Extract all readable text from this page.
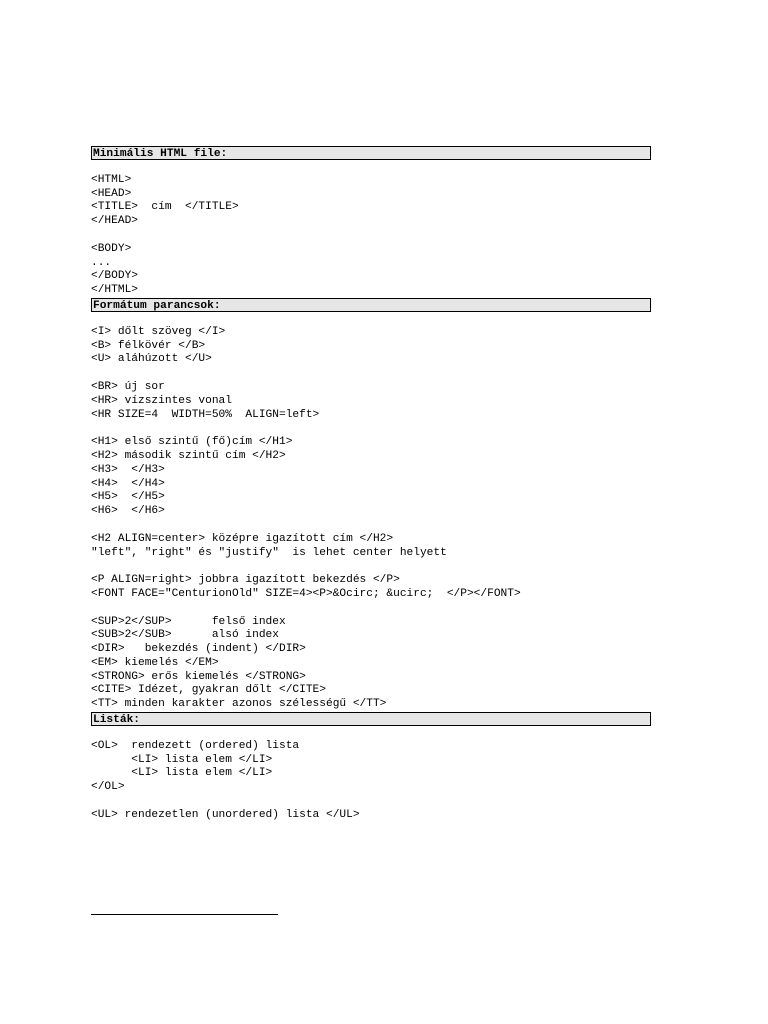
Minimális HTML file:
<HTML>
<HEAD>
<TITLE>  cím  </TITLE>
</HEAD>
<BODY>
...
</BODY>
</HTML>
Formátum parancsok:
<I> dőlt szöveg </I>
<B> félkövér </B>
<U> aláhúzott </U>
<BR> új sor
<HR> vízszintes vonal
<HR SIZE=4  WIDTH=50%  ALIGN=left>
<H1> első szintű (fő)cím </H1>
<H2> második szintű cím </H2>
<H3>  </H3>
<H4>  </H4>
<H5>  </H5>
<H6>  </H6>
<H2 ALIGN=center> középre igazított cím </H2>
"left", "right" és "justify"  is lehet center helyett
<P ALIGN=right> jobbra igazított bekezdés </P>
<FONT FACE="CenturionOld" SIZE=4><P>&Ocirc; &ucirc;  </P></FONT>
<SUP>2</SUP>      felső index
<SUB>2</SUB>      alsó index
<DIR>   bekezdés (indent) </DIR>
<EM> kiemelés </EM>
<STRONG> erős kiemelés </STRONG>
<CITE> Idézet, gyakran dőlt </CITE>
<TT> minden karakter azonos szélességű </TT>
Listák:
<OL>  rendezett (ordered) lista
<LI> lista elem </LI>
<LI> lista elem </LI>
</OL>
<UL> rendezetlen (unordered) lista </UL>
